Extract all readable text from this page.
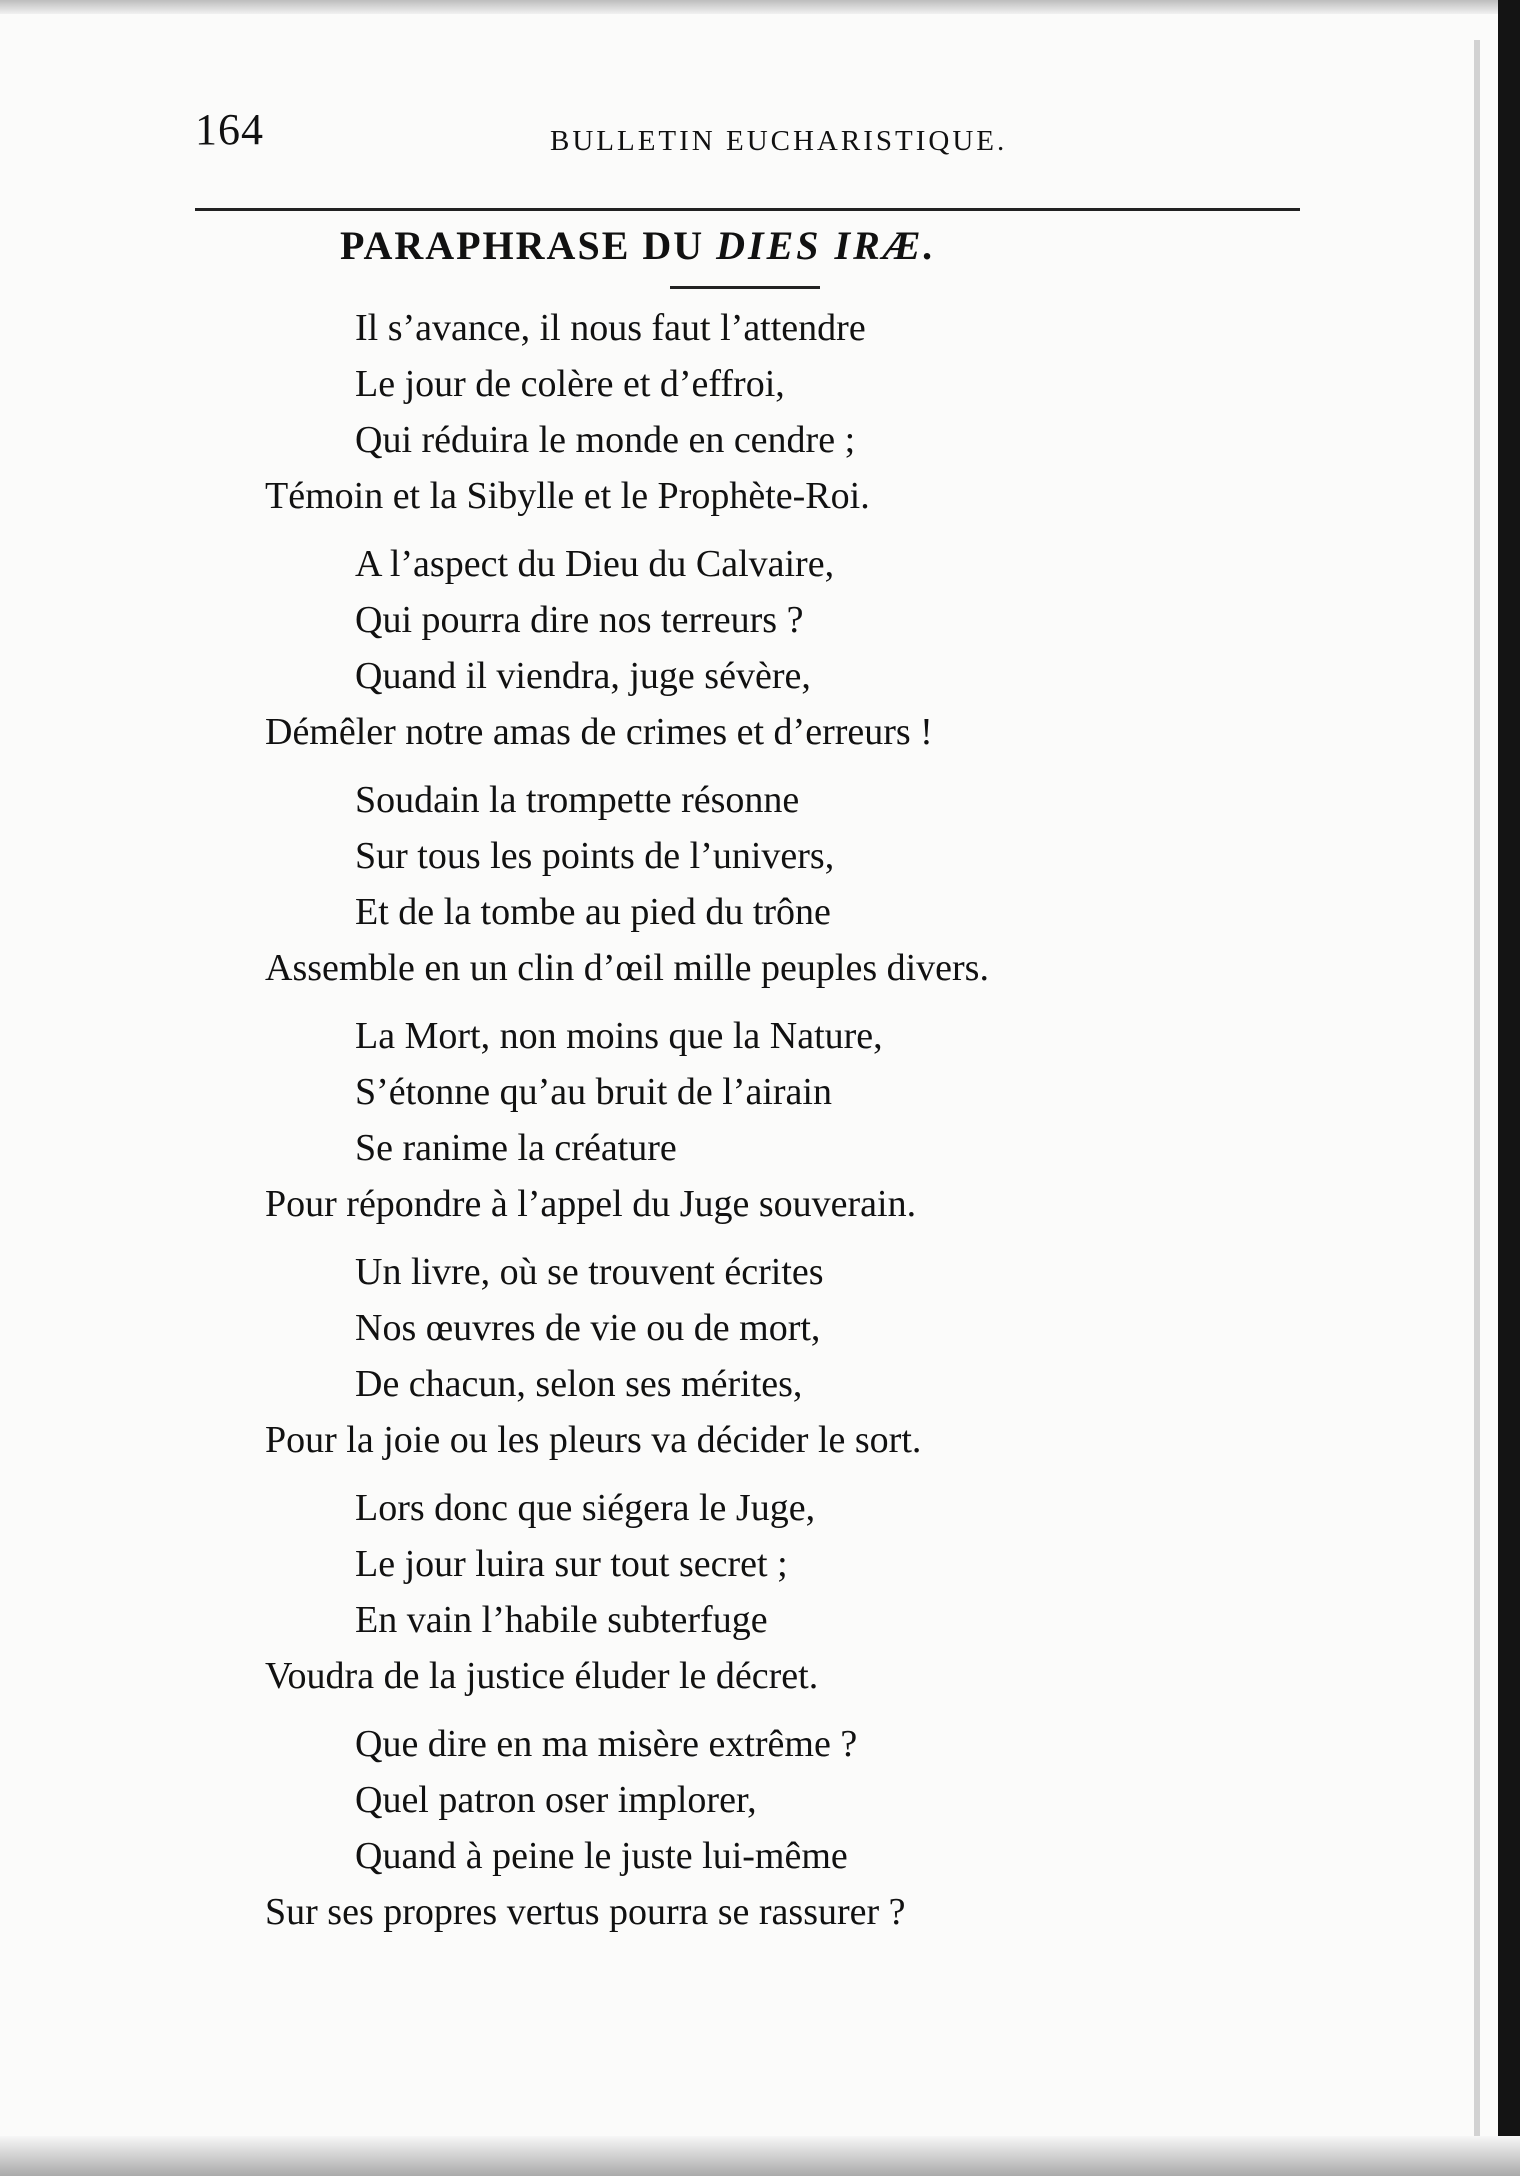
164	BULLETIN EUCHARISTIQUE.
PARAPHRASE DU DIES IRÆ.
Il s’avance, il nous faut l’attendre
Le jour de colère et d’effroi,
Qui réduira le monde en cendre ;
Témoin et la Sibylle et le Prophète-Roi.
A l’aspect du Dieu du Calvaire,
Qui pourra dire nos terreurs ?
Quand il viendra, juge sévère,
Démêler notre amas de crimes et d’erreurs !
Soudain la trompette résonne
Sur tous les points de l’univers,
Et de la tombe au pied du trône
Assemble en un clin d’œil mille peuples divers.
La Mort, non moins que la Nature,
S’étonne qu’au bruit de l’airain
Se ranime la créature
Pour répondre à l’appel du Juge souverain.
Un livre, où se trouvent écrites
Nos œuvres de vie ou de mort,
De chacun, selon ses mérites,
Pour la joie ou les pleurs va décider le sort.
Lors donc que siégera le Juge,
Le jour luira sur tout secret ;
En vain l’habile subterfuge
Voudra de la justice éluder le décret.
Que dire en ma misère extrême ?
Quel patron oser implorer,
Quand à peine le juste lui-même
Sur ses propres vertus pourra se rassurer ?
